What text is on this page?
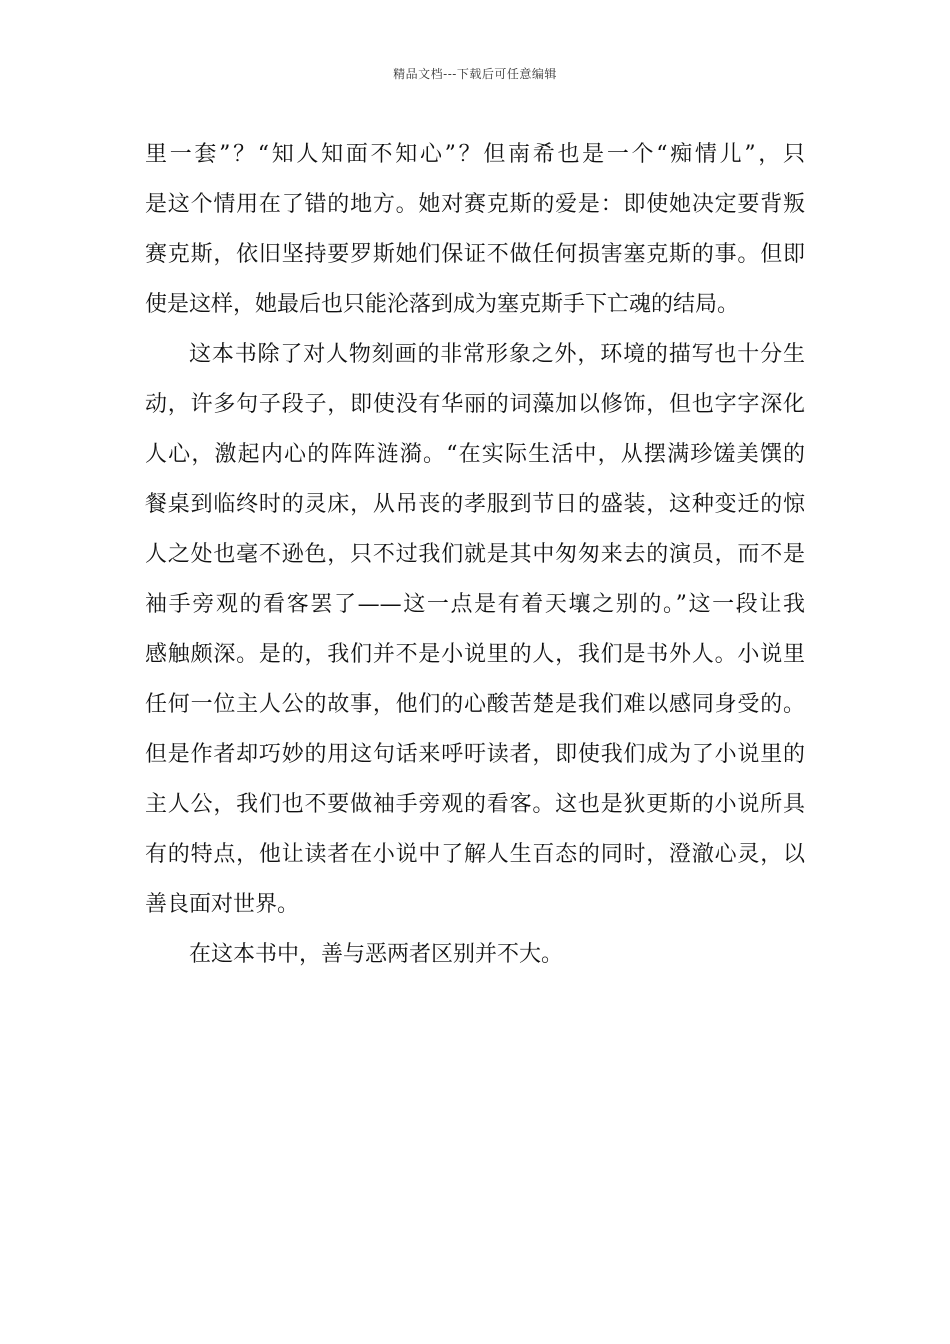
精品文档---下载后可任意编辑
里一套”？“知人知面不知心”？但南希也是一个“痴情儿”，只
是这个情用在了错的地方。她对赛克斯的爱是：即使她决定要背叛
赛克斯，依旧坚持要罗斯她们保证不做任何损害塞克斯的事。但即
使是这样，她最后也只能沦落到成为塞克斯手下亡魂的结局。
这本书除了对人物刻画的非常形象之外，环境的描写也十分生
动，许多句子段子，即使没有华丽的词藻加以修饰，但也字字深化
人心，激起内心的阵阵涟漪。“在实际生活中，从摆满珍馐美馔的
餐桌到临终时的灵床，从吊丧的孝服到节日的盛装，这种变迁的惊
人之处也毫不逊色，只不过我们就是其中匆匆来去的演员，而不是
袖手旁观的看客罢了——这一点是有着天壤之别的。”这一段让我
感触颇深。是的，我们并不是小说里的人，我们是书外人。小说里
任何一位主人公的故事，他们的心酸苦楚是我们难以感同身受的。
但是作者却巧妙的用这句话来呼吁读者，即使我们成为了小说里的
主人公，我们也不要做袖手旁观的看客。这也是狄更斯的小说所具
有的特点，他让读者在小说中了解人生百态的同时，澄澈心灵，以
善良面对世界。
在这本书中，善与恶两者区别并不大。
